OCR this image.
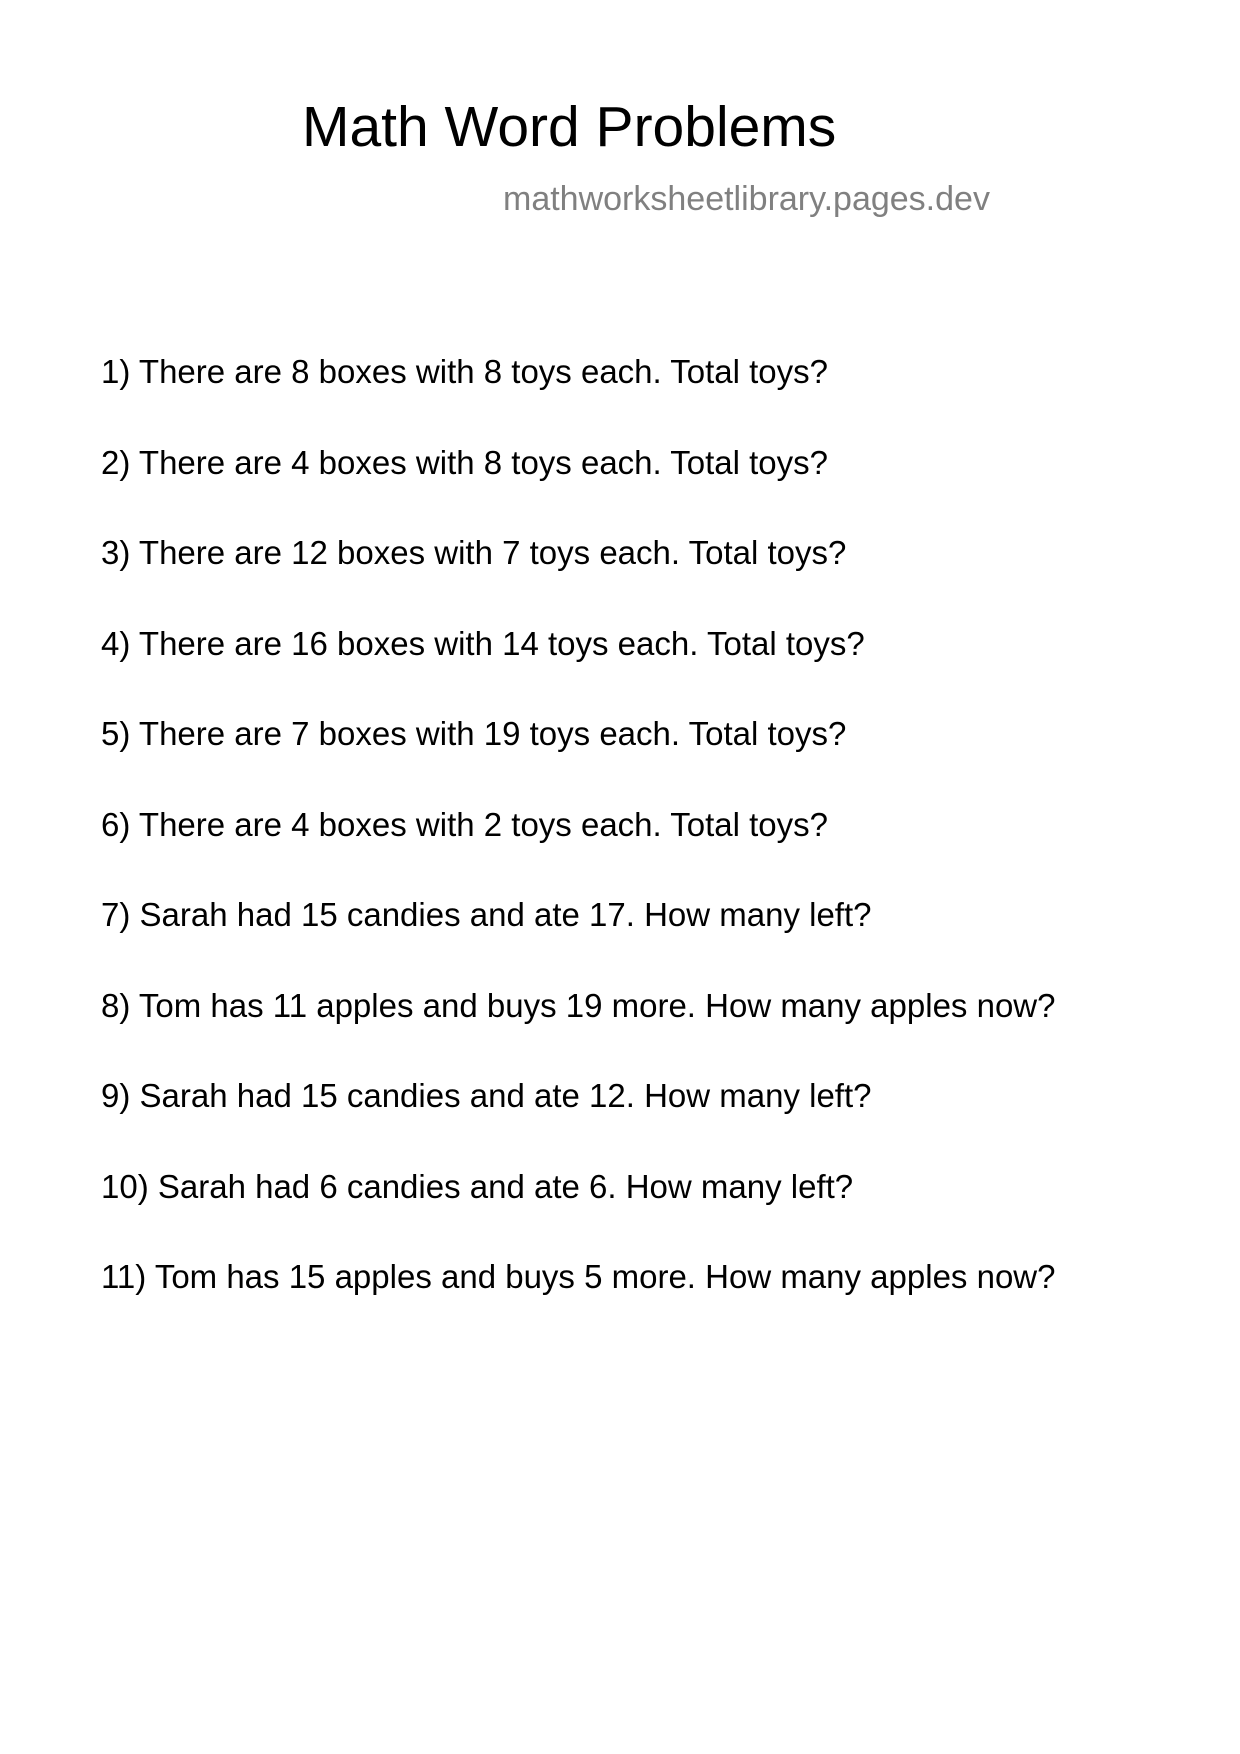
Math Word Problems
mathworksheetlibrary.pages.dev
1) There are 8 boxes with 8 toys each. Total toys?
2) There are 4 boxes with 8 toys each. Total toys?
3) There are 12 boxes with 7 toys each. Total toys?
4) There are 16 boxes with 14 toys each. Total toys?
5) There are 7 boxes with 19 toys each. Total toys?
6) There are 4 boxes with 2 toys each. Total toys?
7) Sarah had 15 candies and ate 17. How many left?
8) Tom has 11 apples and buys 19 more. How many apples now?
9) Sarah had 15 candies and ate 12. How many left?
10) Sarah had 6 candies and ate 6. How many left?
11) Tom has 15 apples and buys 5 more. How many apples now?
